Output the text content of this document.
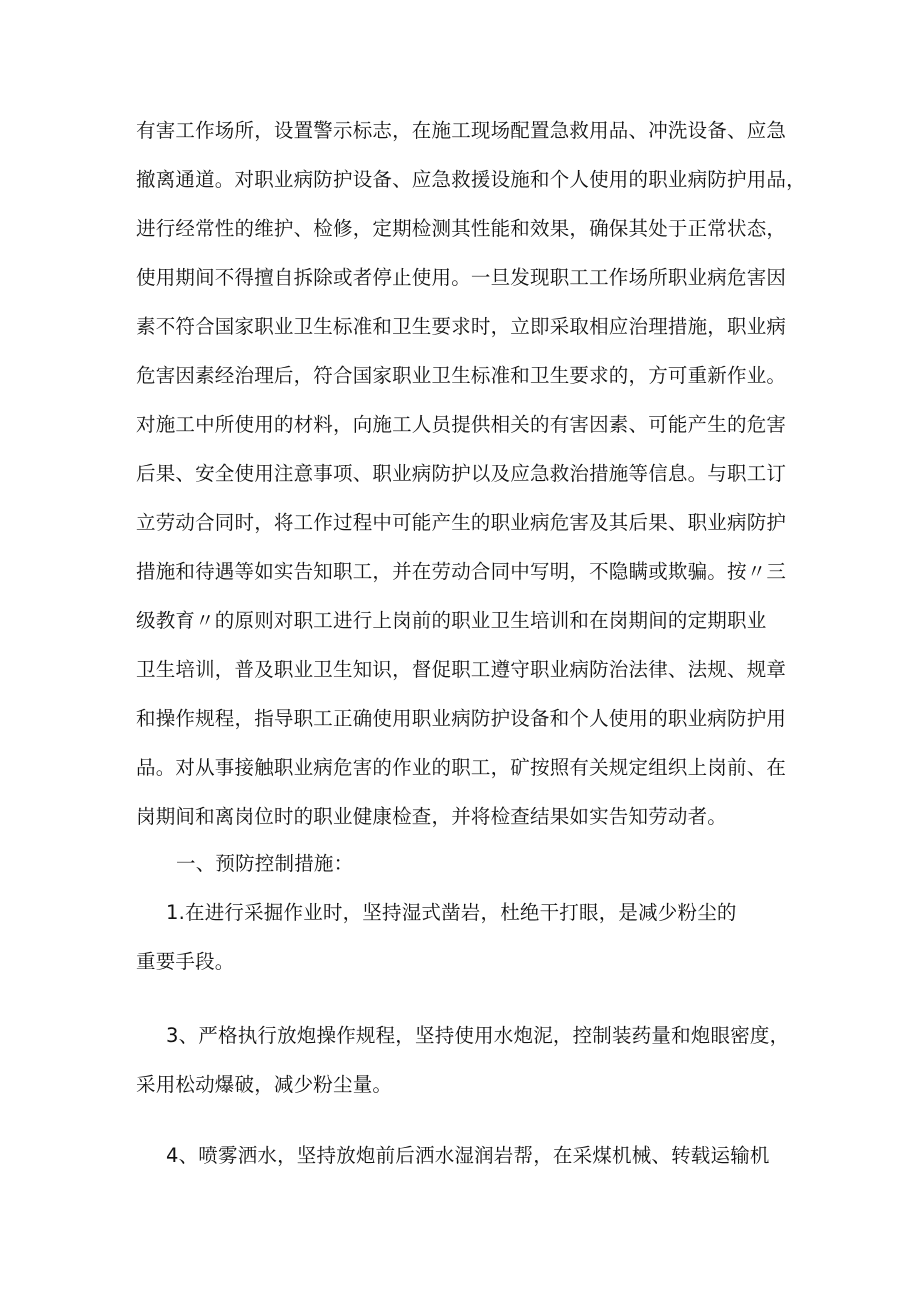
有害工作场所，设置警示标志，在施工现场配置急救用品、冲洗设备、应急
撤离通道。对职业病防护设备、应急救援设施和个人使用的职业病防护用品，
进行经常性的维护、检修，定期检测其性能和效果，确保其处于正常状态，
使用期间不得擅自拆除或者停止使用。一旦发现职工工作场所职业病危害因
素不符合国家职业卫生标准和卫生要求时，立即采取相应治理措施，职业病
危害因素经治理后，符合国家职业卫生标准和卫生要求的，方可重新作业。
对施工中所使用的材料，向施工人员提供相关的有害因素、可能产生的危害
后果、安全使用注意事项、职业病防护以及应急救治措施等信息。与职工订
立劳动合同时，将工作过程中可能产生的职业病危害及其后果、职业病防护
措施和待遇等如实告知职工，并在劳动合同中写明，不隐瞒或欺骗。按〃三
级教育〃的原则对职工进行上岗前的职业卫生培训和在岗期间的定期职业
卫生培训，普及职业卫生知识，督促职工遵守职业病防治法律、法规、规章
和操作规程，指导职工正确使用职业病防护设备和个人使用的职业病防护用
品。对从事接触职业病危害的作业的职工，矿按照有关规定组织上岗前、在
岗期间和离岗位时的职业健康检查，并将检查结果如实告知劳动者。
一、预防控制措施：
1.在进行采掘作业时，坚持湿式凿岩，杜绝干打眼，是减少粉尘的
重要手段。
3、严格执行放炮操作规程，坚持使用水炮泥，控制装药量和炮眼密度，
采用松动爆破，减少粉尘量。
4、喷雾洒水，坚持放炮前后洒水湿润岩帮，在采煤机械、转载运输机
